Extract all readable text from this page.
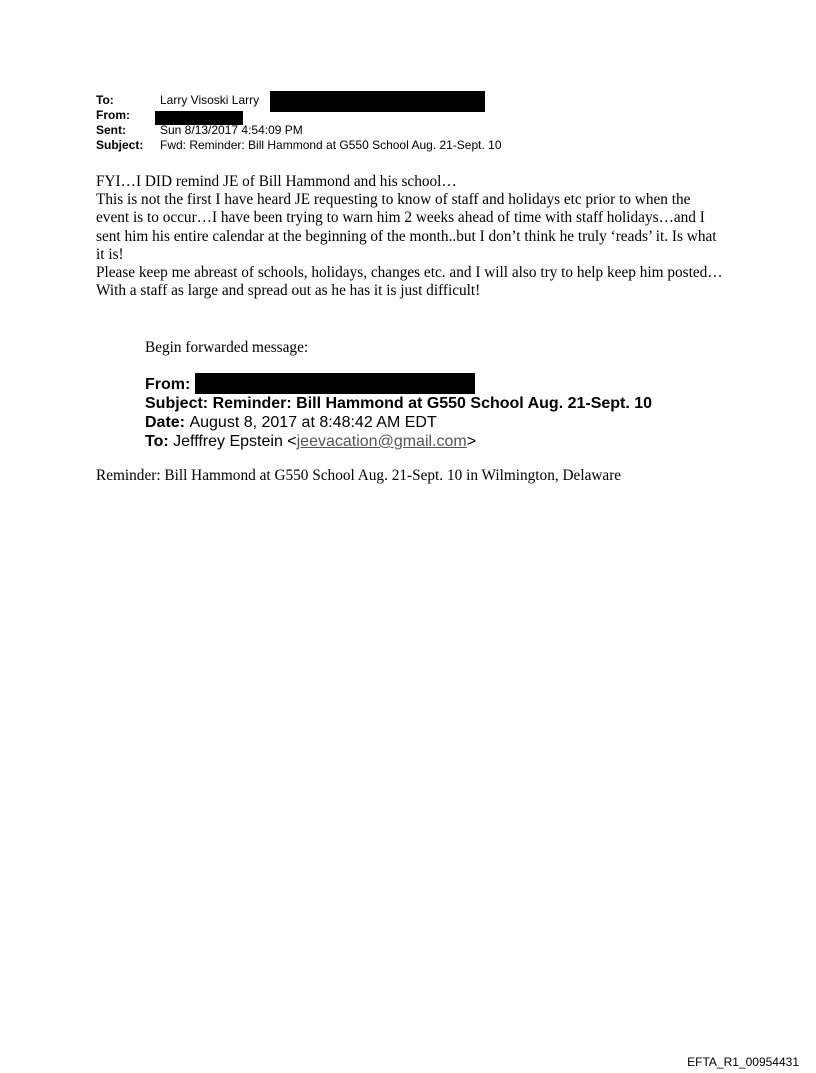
To:	Larry Visoski Larry
From:
Sent:	Sun 8/13/2017 4:54:09 PM
Subject: Fwd: Reminder: Bill Hammond at G550 School Aug. 21-Sept. 10

FYI…I DID remind JE of Bill Hammond and his school…

This is not the first I have heard JE requesting to know of staff and holidays etc prior to when the event is to occur…I have been trying to warn him 2 weeks ahead of time with staff holidays…and I sent him his entire calendar at the beginning of the month..but I don’t think he truly ‘reads’ it. Is what it is!

Please keep me abreast of schools, holidays, changes etc. and I will also try to help keep him posted…With a staff as large and spread out as he has it is just difficult!

Begin forwarded message:
From:
Subject: Reminder: Bill Hammond at G550 School Aug. 21-Sept. 10
Date: August 8, 2017 at 8:48:42 AM EDT
To: Jefffrey Epstein <jeevacation@gmail.com>
Reminder: Bill Hammond at G550 School Aug. 21-Sept. 10 in Wilmington, Delaware
EFTA_R1_00954431
